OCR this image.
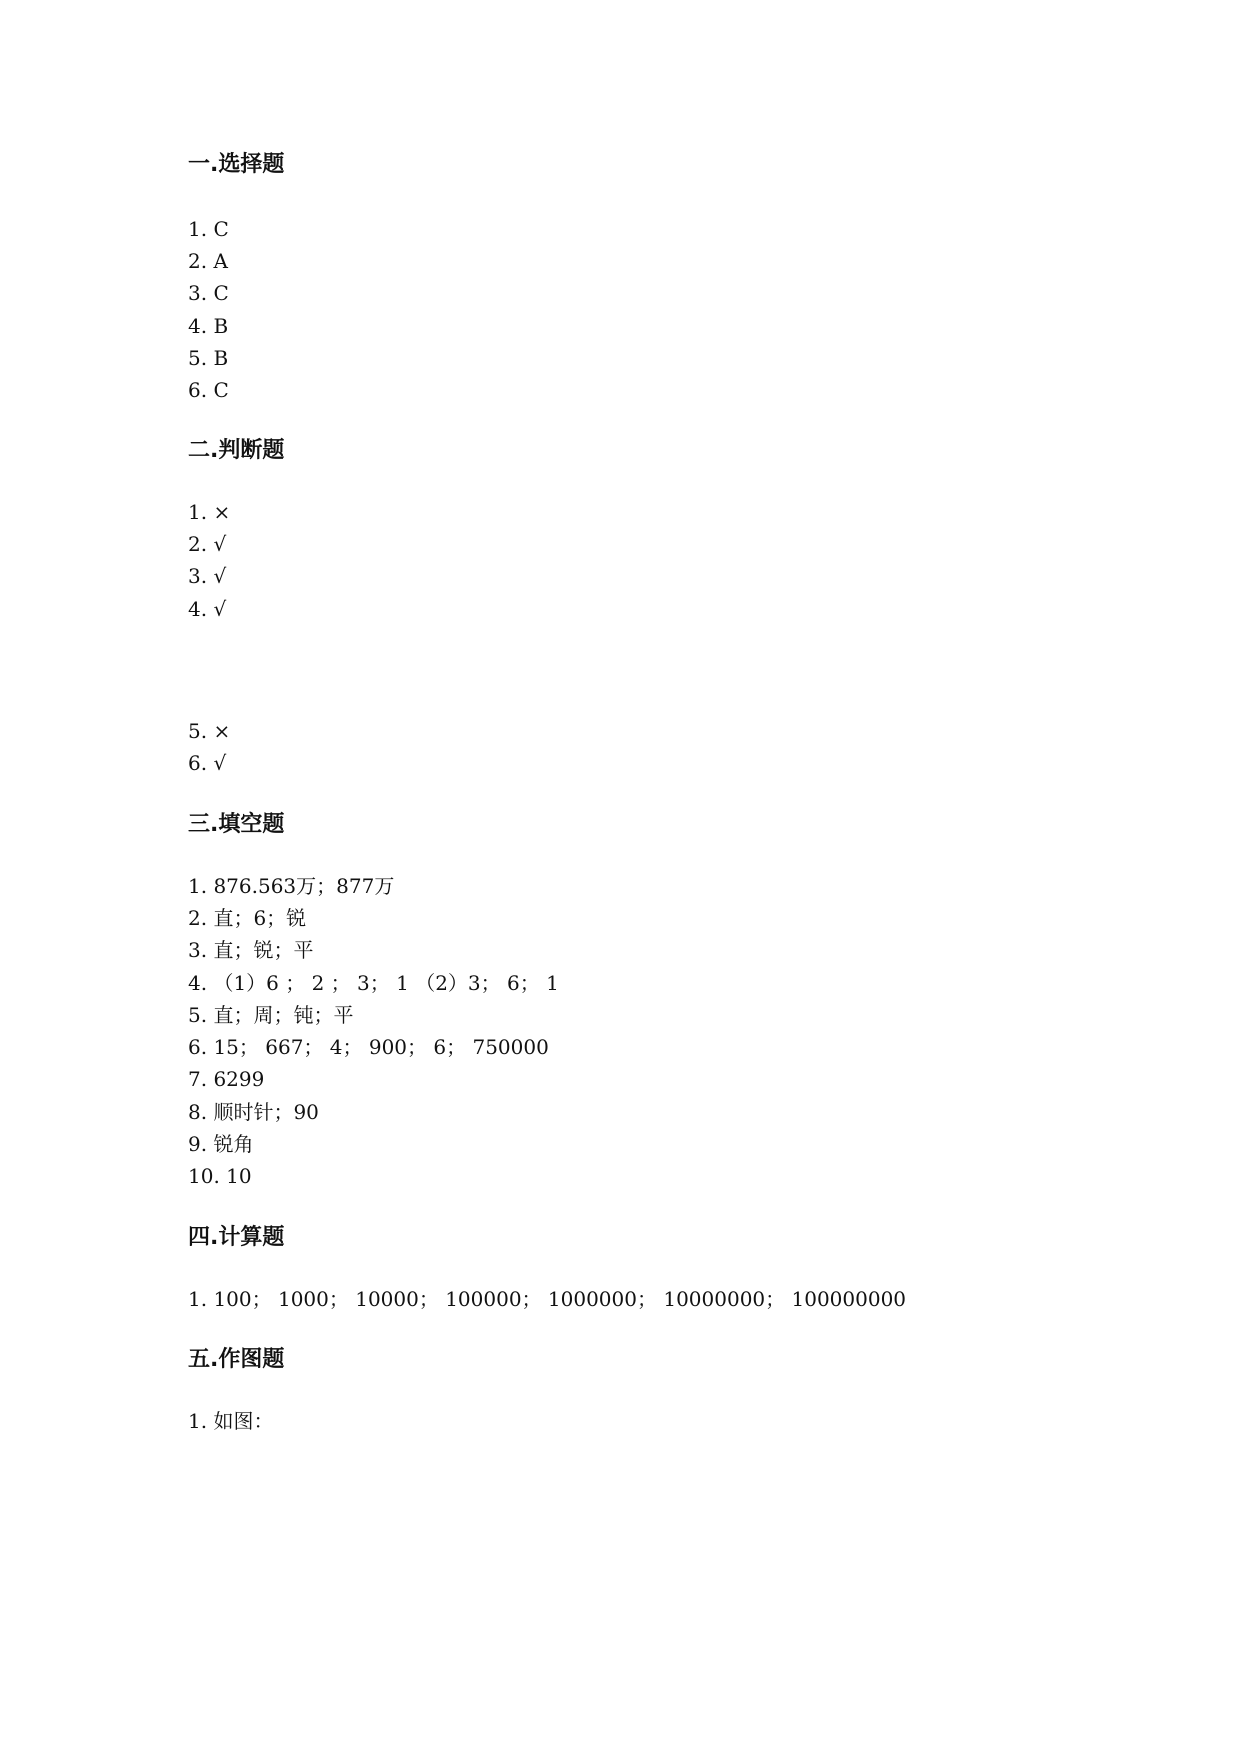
一.选择题

1. C

2. A

3. C

4. B

5. B

6. C

二.判断题

1. ×

2. √

3. √

4. √

5. ×

6. √

三.填空题

1. 876.563万；877万

2. 直；6；锐

3. 直；锐；平

4. （1）6 ； 2 ； 3； 1 （2）3； 6； 1

5. 直；周；钝；平

6. 15； 667； 4； 900； 6； 750000

7. 6299

8. 顺时针；90

9. 锐角

10. 10

四.计算题

1. 100； 1000； 10000； 100000； 1000000； 10000000； 100000000

五.作图题

1. 如图：
